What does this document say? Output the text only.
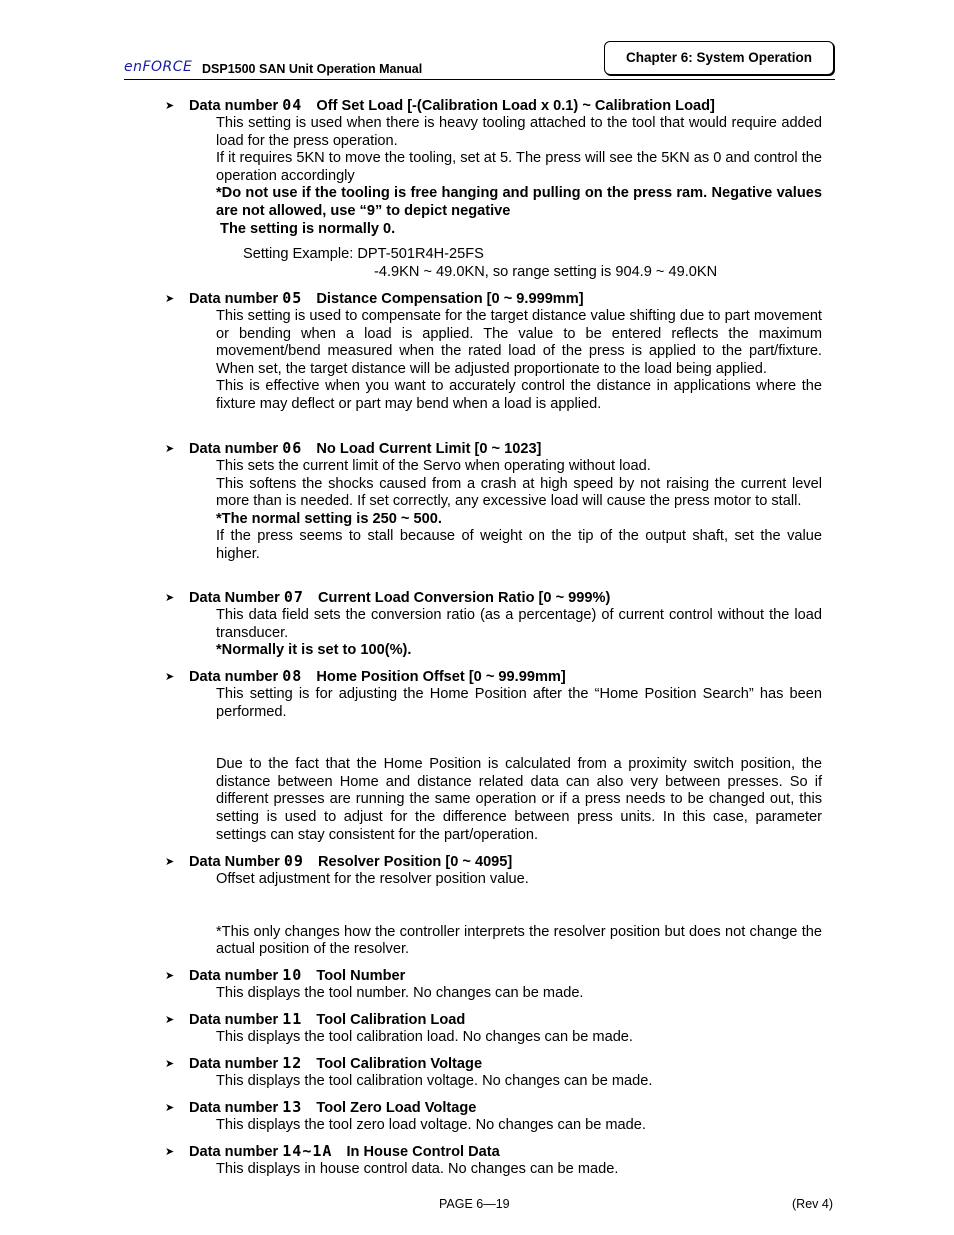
enFORCE DSP1500 SAN Unit Operation Manual
Chapter 6: System Operation
➤ Data number 04 Off Set Load [-(Calibration Load x 0.1) ~ Calibration Load]

This setting is used when there is heavy tooling attached to the tool that would require added load for the press operation.

If it requires 5KN to move the tooling, set at 5. The press will see the 5KN as 0 and control the operation accordingly

*Do not use if the tooling is free hanging and pulling on the press ram. Negative values are not allowed, use “9” to depict negative

The setting is normally 0.

Setting Example: DPT-501R4H-25FS
-4.9KN ~ 49.0KN, so range setting is 904.9 ~ 49.0KN
➤ Data number 05 Distance Compensation [0 ~ 9.999mm]

This setting is used to compensate for the target distance value shifting due to part movement or bending when a load is applied. The value to be entered reflects the maximum movement/bend measured when the rated load of the press is applied to the part/fixture. When set, the target distance will be adjusted proportionate to the load being applied.

This is effective when you want to accurately control the distance in applications where the fixture may deflect or part may bend when a load is applied.

➤ Data number 06 No Load Current Limit [0 ~ 1023]

This sets the current limit of the Servo when operating without load.

This softens the shocks caused from a crash at high speed by not raising the current level more than is needed. If set correctly, any excessive load will cause the press motor to stall.

*The normal setting is 250 ~ 500.

If the press seems to stall because of weight on the tip of the output shaft, set the value higher.

➤ Data Number 07 Current Load Conversion Ratio [0 ~ 999%)

This data field sets the conversion ratio (as a percentage) of current control without the load transducer.

*Normally it is set to 100(%).

➤ Data number 08 Home Position Offset [0 ~ 99.99mm]

This setting is for adjusting the Home Position after the “Home Position Search” has been performed.

Due to the fact that the Home Position is calculated from a proximity switch position, the distance between Home and distance related data can also very between presses. So if different presses are running the same operation or if a press needs to be changed out, this setting is used to adjust for the difference between press units. In this case, parameter settings can stay consistent for the part/operation.

➤ Data Number 09 Resolver Position [0 ~ 4095]

Offset adjustment for the resolver position value.

*This only changes how the controller interprets the resolver position but does not change the actual position of the resolver.

➤ Data number 10 Tool Number

This displays the tool number. No changes can be made.

➤ Data number 11 Tool Calibration Load

This displays the tool calibration load. No changes can be made.

➤ Data number 12 Tool Calibration Voltage

This displays the tool calibration voltage. No changes can be made.

➤ Data number 13 Tool Zero Load Voltage

This displays the tool zero load voltage. No changes can be made.

➤ Data number 14~1A In House Control Data

This displays in house control data. No changes can be made.

PAGE 6―19	(Rev 4)
